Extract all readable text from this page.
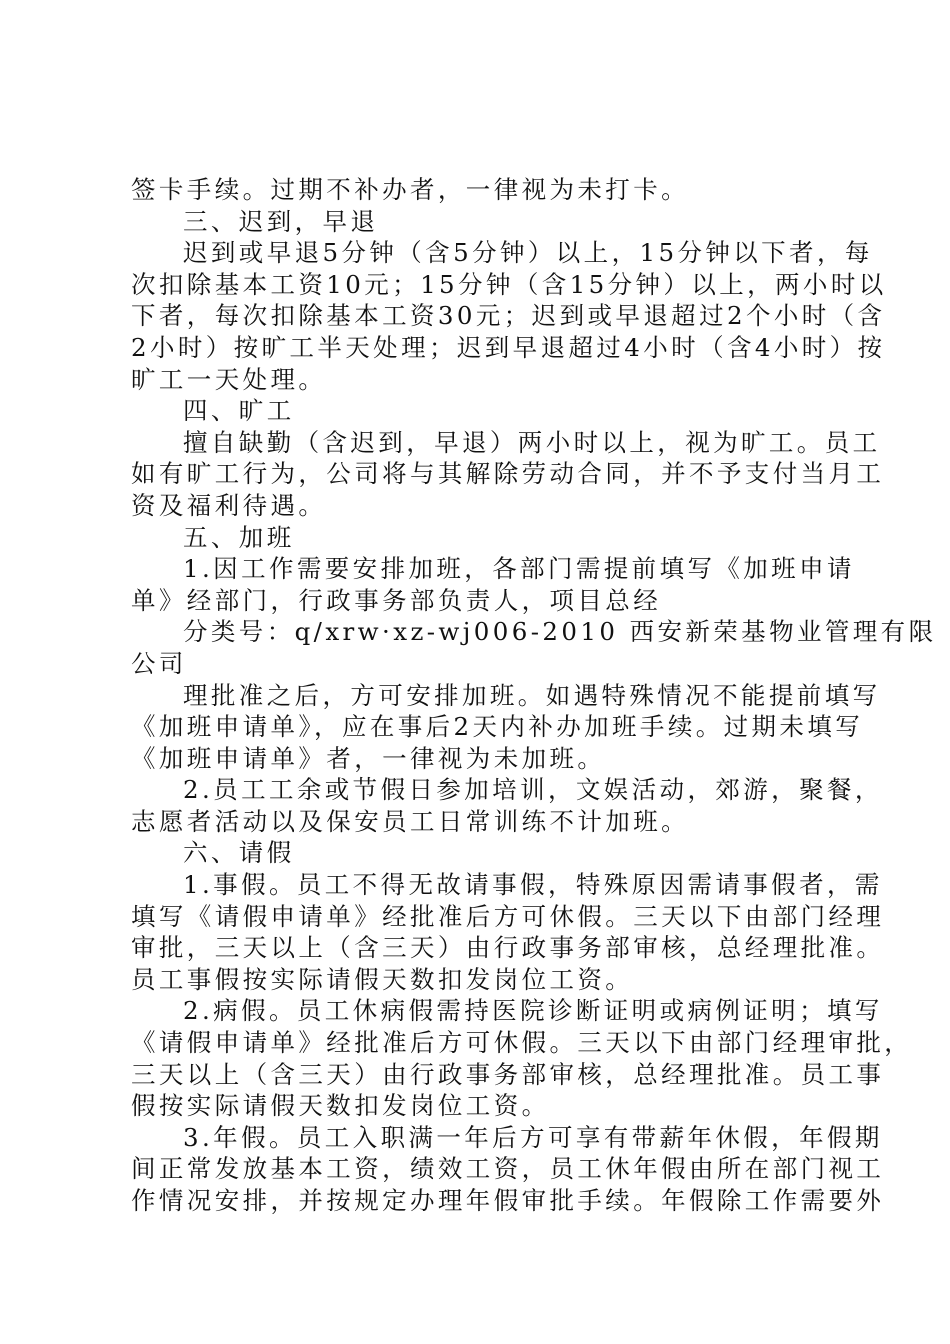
签卡手续。过期不补办者，一律视为未打卡。
三、迟到，早退
迟到或早退5分钟（含5分钟）以上，15分钟以下者，每
次扣除基本工资10元；15分钟（含15分钟）以上，两小时以
下者，每次扣除基本工资30元；迟到或早退超过2个小时（含
2小时）按旷工半天处理；迟到早退超过4小时（含4小时）按
旷工一天处理。
四、旷工
擅自缺勤（含迟到，早退）两小时以上，视为旷工。员工
如有旷工行为，公司将与其解除劳动合同，并不予支付当月工
资及福利待遇。
五、加班
1.因工作需要安排加班，各部门需提前填写《加班申请
单》经部门，行政事务部负责人，项目总经
分类号：q/xrw·xz-wj006-2010 西安新荣基物业管理有限
公司
理批准之后，方可安排加班。如遇特殊情况不能提前填写
《加班申请单》，应在事后2天内补办加班手续。过期未填写
《加班申请单》者，一律视为未加班。
2.员工工余或节假日参加培训，文娱活动，郊游，聚餐，
志愿者活动以及保安员工日常训练不计加班。
六、请假
1.事假。员工不得无故请事假，特殊原因需请事假者，需
填写《请假申请单》经批准后方可休假。三天以下由部门经理
审批，三天以上（含三天）由行政事务部审核，总经理批准。
员工事假按实际请假天数扣发岗位工资。
2.病假。员工休病假需持医院诊断证明或病例证明；填写
《请假申请单》经批准后方可休假。三天以下由部门经理审批，
三天以上（含三天）由行政事务部审核，总经理批准。员工事
假按实际请假天数扣发岗位工资。
3.年假。员工入职满一年后方可享有带薪年休假，年假期
间正常发放基本工资，绩效工资，员工休年假由所在部门视工
作情况安排，并按规定办理年假审批手续。年假除工作需要外
